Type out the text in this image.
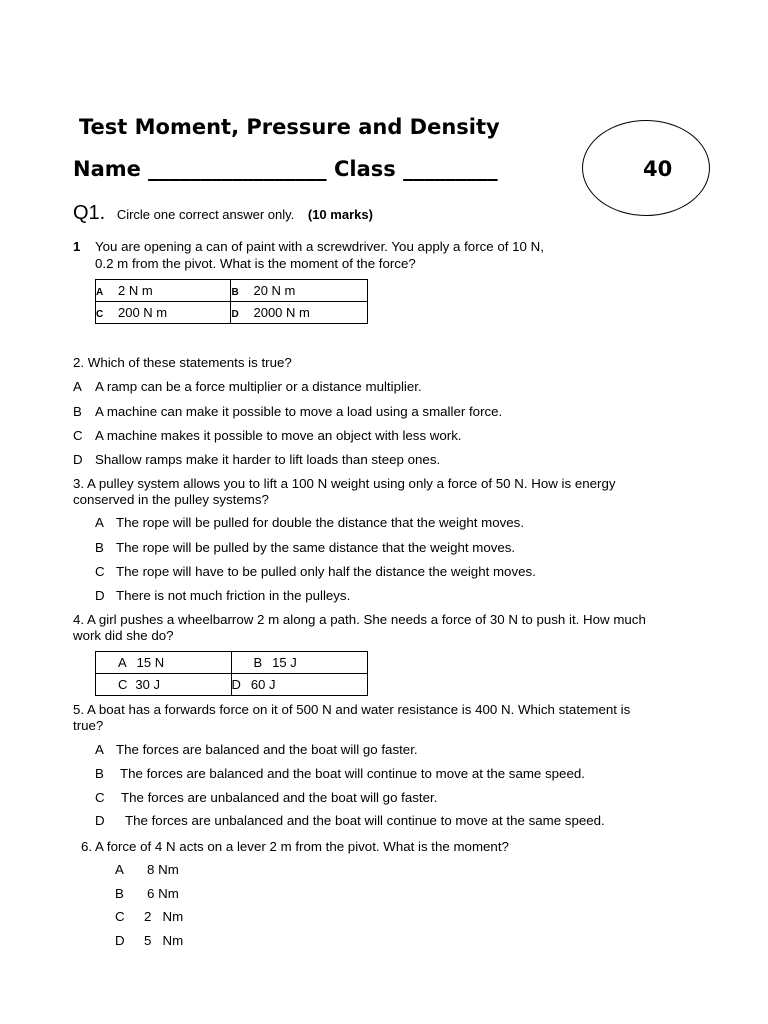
Test Moment, Pressure and Density
Name _________________ Class _________	40
Q1. Circle one correct answer only. (10 marks)
1 You are opening a can of paint with a screwdriver. You apply a force of 10 N,
0.2 m from the pivot. What is the moment of the force?
A 2 N m	B 20 N m
C 200 N m	D 2000 N m
2. Which of these statements is true?
A A ramp can be a force multiplier or a distance multiplier.
B A machine can make it possible to move a load using a smaller force.
C A machine makes it possible to move an object with less work.
D Shallow ramps make it harder to lift loads than steep ones.
3. A pulley system allows you to lift a 100 N weight using only a force of 50 N. How is energy
conserved in the pulley systems?
A The rope will be pulled for double the distance that the weight moves.
B The rope will be pulled by the same distance that the weight moves.
C The rope will have to be pulled only half the distance the weight moves.
D There is not much friction in the pulleys.
4. A girl pushes a wheelbarrow 2 m along a path. She needs a force of 30 N to push it. How much
work did she do?
A 15 N	B 15 J
C 30 J	D 60 J
5. A boat has a forwards force on it of 500 N and water resistance is 400 N. Which statement is
true?
A The forces are balanced and the boat will go faster.
B The forces are balanced and the boat will continue to move at the same speed.
C The forces are unbalanced and the boat will go faster.
D The forces are unbalanced and the boat will continue to move at the same speed.
6. A force of 4 N acts on a lever 2 m from the pivot. What is the moment?
A 8 Nm
B 6 Nm
C 2   Nm
D 5   Nm
